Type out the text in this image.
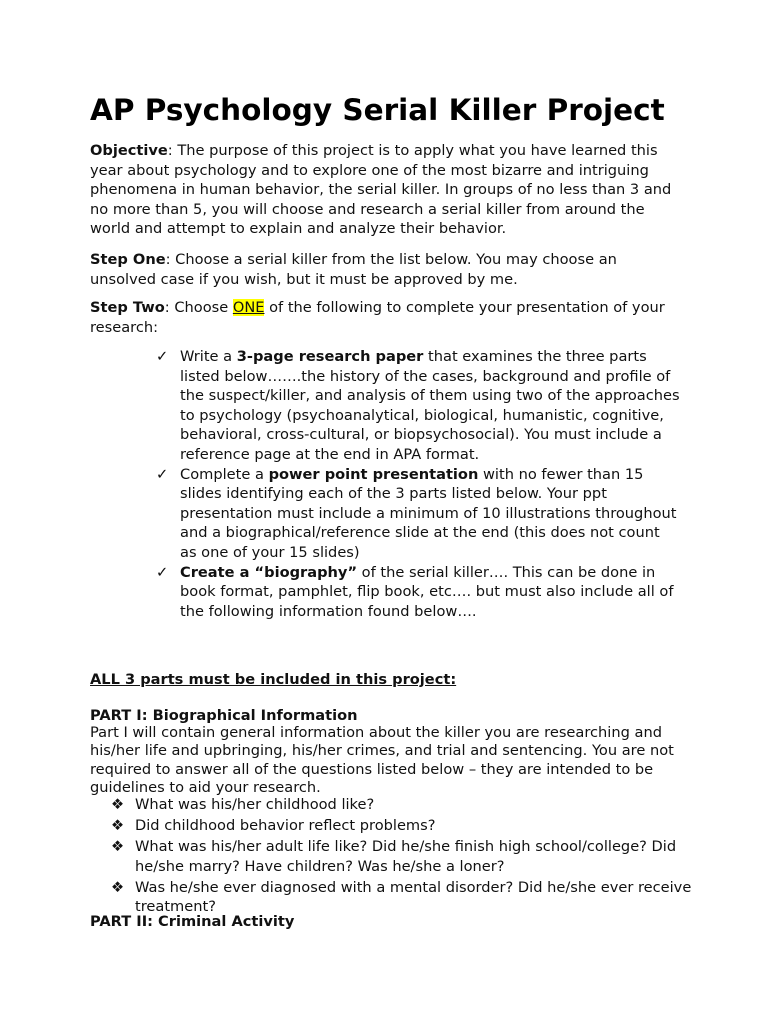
AP Psychology Serial Killer Project

Objective: The purpose of this project is to apply what you have learned this year about psychology and to explore one of the most bizarre and intriguing phenomena in human behavior, the serial killer. In groups of no less than 3 and no more than 5, you will choose and research a serial killer from around the world and attempt to explain and analyze their behavior.

Step One: Choose a serial killer from the list below. You may choose an unsolved case if you wish, but it must be approved by me.

Step Two: Choose ONE of the following to complete your presentation of your research:

✓ Write a 3-page research paper that examines the three parts listed below…….the history of the cases, background and profile of the suspect/killer, and analysis of them using two of the approaches to psychology (psychoanalytical, biological, humanistic, cognitive, behavioral, cross-cultural, or biopsychosocial). You must include a reference page at the end in APA format.
✓ Complete a power point presentation with no fewer than 15 slides identifying each of the 3 parts listed below. Your ppt presentation must include a minimum of 10 illustrations throughout and a biographical/reference slide at the end (this does not count as one of your 15 slides)
✓ Create a “biography” of the serial killer…. This can be done in book format, pamphlet, flip book, etc…. but must also include all of the following information found below….

ALL 3 parts must be included in this project:

PART I: Biographical Information

Part I will contain general information about the killer you are researching and his/her life and upbringing, his/her crimes, and trial and sentencing. You are not required to answer all of the questions listed below – they are intended to be guidelines to aid your research.

❖ What was his/her childhood like?
❖ Did childhood behavior reflect problems?
❖ What was his/her adult life like? Did he/she finish high school/college? Did he/she marry? Have children? Was he/she a loner?
❖ Was he/she ever diagnosed with a mental disorder? Did he/she ever receive treatment?

PART II: Criminal Activity
